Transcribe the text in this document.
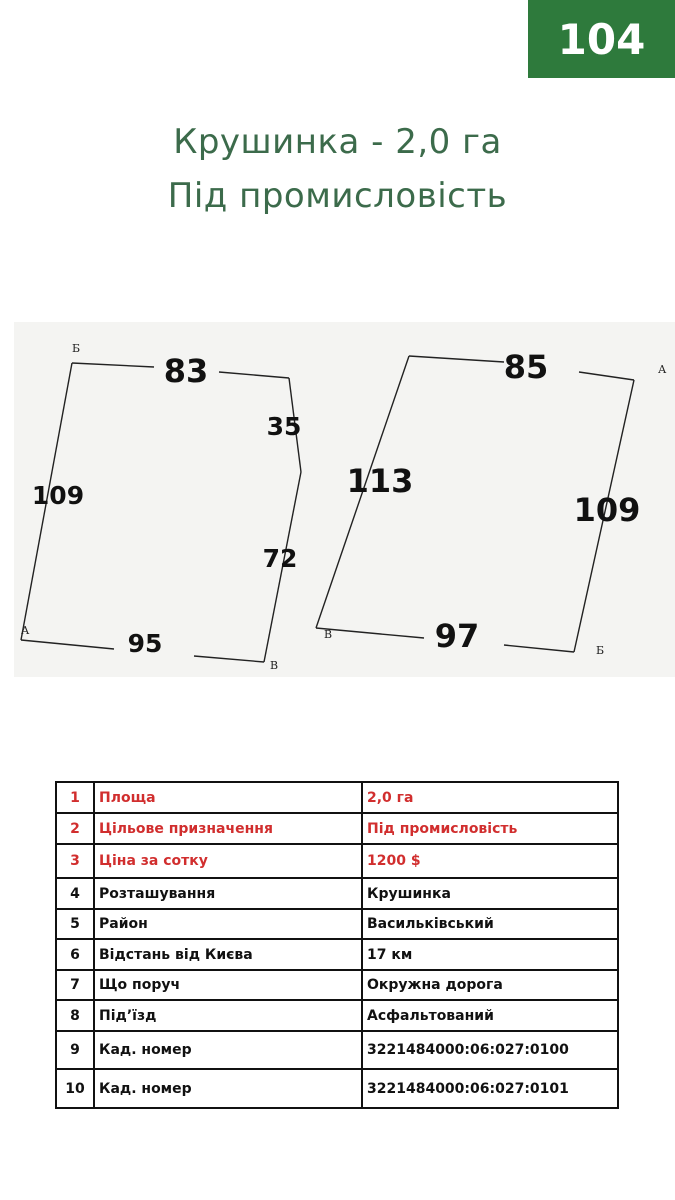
104
Крушинка - 2,0 га
Під промисловість
83
35
72
109
95
85
113
109
97
Б
А
В
А
В
Б
1	Площа	2,0 га
2	Цільове призначення	Під промисловість
3	Ціна за сотку	1200 $
4	Розташування	Крушинка
5	Район	Васильківський
6	Відстань від Києва	17 км
7	Що поруч	Окружна дорога
8	Під’їзд	Асфальтований
9	Кад. номер	3221484000:06:027:0100
10	Кад. номер	3221484000:06:027:0101
